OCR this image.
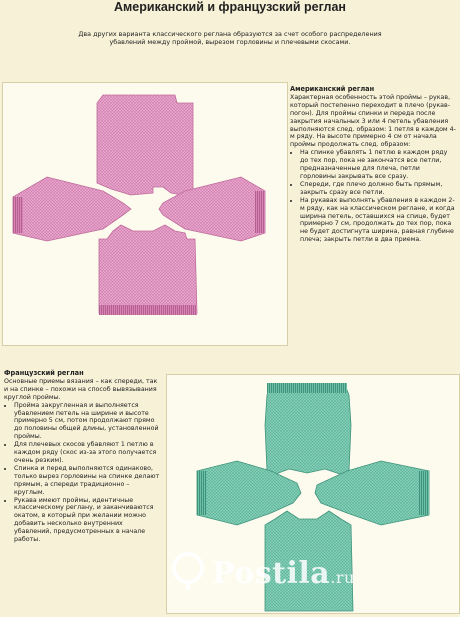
Американский и французский реглан
Два других варианта классического реглана образуются за счет особого распределения убавлений между проймой, вырезом горловины и плечевыми скосами.
Американский реглан

Характерная особенность этой проймы – рукав, который постепенно переходит в плечо (рукав-погон). Для проймы спинки и переда после закрытия начальных 3 или 4 петель убавления выполняются след. образом: 1 петля в каждом 4-м ряду. На высоте примерно 4 см от начала проймы продолжать след. образом:

• На спинке убавлять 1 петлю в каждом ряду до тех пор, пока не закончатся все петли, предназначенные для плеча, петли горловины закрывать все сразу.
• Спереди, где плечо должно быть прямым, закрыть сразу все петли.
• На рукавах выполнять убавления в каждом 2-м ряду, как на классическом реглане, и когда ширина петель, оставшихся на спице, будет примерно 7 см, продолжать до тех пор, пока не будет достигнута ширина, равная глубине плеча; закрыть петли в два приема.
Французский реглан

Основные приемы вязания – как спереди, так и на спинке – похожи на способ вывязывания круглой проймы.

• Пройма закругленная и выполняется убавлением петель на ширине и высоте примерно 5 см, потом продолжают прямо до половины общей длины, установленной проймы.
• Для плечевых скосов убавляют 1 петлю в каждом ряду (скос из-за этого получается очень резким).
• Спинка и перед выполняются одинаково, только вырез горловины на спинке делают прямым, а спереди традиционно – круглым.
• Рукава имеют проймы, идентичные классическому реглану, и заканчиваются окатом, в который при желании можно добавить несколько внутренних убавлений, предусмотренных в начале работы.
Postila.ru
